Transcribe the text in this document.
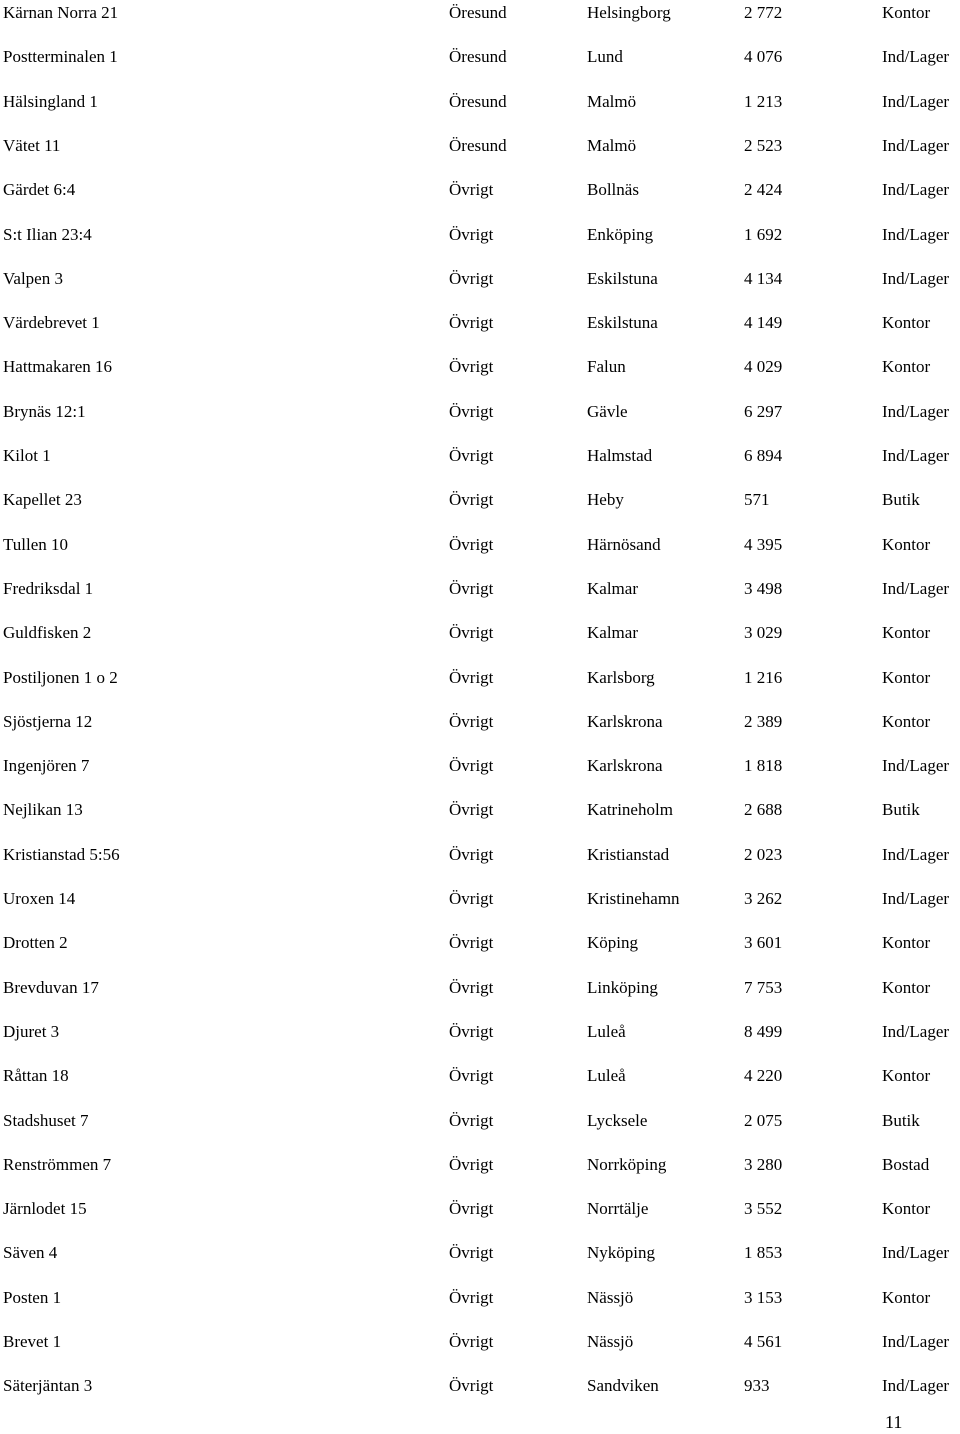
Kärnan Norra 21	Öresund	Helsingborg	2 772	Kontor
Postterminalen 1	Öresund	Lund	4 076	Ind/Lager
Hälsingland 1	Öresund	Malmö	1 213	Ind/Lager
Vätet 11	Öresund	Malmö	2 523	Ind/Lager
Gärdet 6:4	Övrigt	Bollnäs	2 424	Ind/Lager
S:t Ilian 23:4	Övrigt	Enköping	1 692	Ind/Lager
Valpen 3	Övrigt	Eskilstuna	4 134	Ind/Lager
Värdebrevet 1	Övrigt	Eskilstuna	4 149	Kontor
Hattmakaren 16	Övrigt	Falun	4 029	Kontor
Brynäs 12:1	Övrigt	Gävle	6 297	Ind/Lager
Kilot 1	Övrigt	Halmstad	6 894	Ind/Lager
Kapellet 23	Övrigt	Heby	571	Butik
Tullen 10	Övrigt	Härnösand	4 395	Kontor
Fredriksdal 1	Övrigt	Kalmar	3 498	Ind/Lager
Guldfisken 2	Övrigt	Kalmar	3 029	Kontor
Postiljonen 1 o 2	Övrigt	Karlsborg	1 216	Kontor
Sjöstjerna 12	Övrigt	Karlskrona	2 389	Kontor
Ingenjören 7	Övrigt	Karlskrona	1 818	Ind/Lager
Nejlikan 13	Övrigt	Katrineholm	2 688	Butik
Kristianstad 5:56	Övrigt	Kristianstad	2 023	Ind/Lager
Uroxen 14	Övrigt	Kristinehamn	3 262	Ind/Lager
Drotten 2	Övrigt	Köping	3 601	Kontor
Brevduvan 17	Övrigt	Linköping	7 753	Kontor
Djuret 3	Övrigt	Luleå	8 499	Ind/Lager
Råttan 18	Övrigt	Luleå	4 220	Kontor
Stadshuset 7	Övrigt	Lycksele	2 075	Butik
Renströmmen 7	Övrigt	Norrköping	3 280	Bostad
Järnlodet 15	Övrigt	Norrtälje	3 552	Kontor
Säven 4	Övrigt	Nyköping	1 853	Ind/Lager
Posten 1	Övrigt	Nässjö	3 153	Kontor
Brevet 1	Övrigt	Nässjö	4 561	Ind/Lager
Säterjäntan 3	Övrigt	Sandviken	933	Ind/Lager
11
